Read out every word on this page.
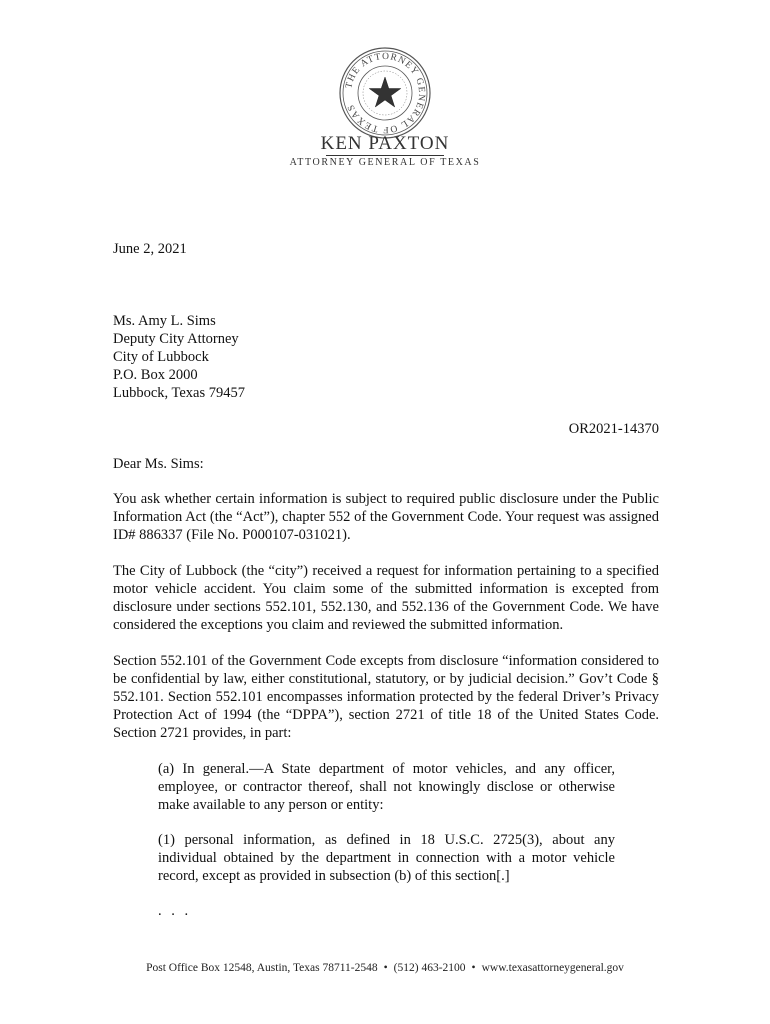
THE ATTORNEY GENERAL OF TEXAS
KEN PAXTON
ATTORNEY GENERAL OF TEXAS
June 2, 2021
Ms. Amy L. Sims
Deputy City Attorney
City of Lubbock
P.O. Box 2000
Lubbock, Texas 79457
OR2021-14370
Dear Ms. Sims:
You ask whether certain information is subject to required public disclosure under the Public Information Act (the “Act”), chapter 552 of the Government Code. Your request was assigned ID# 886337 (File No. P000107-031021).
The City of Lubbock (the “city”) received a request for information pertaining to a specified motor vehicle accident. You claim some of the submitted information is excepted from disclosure under sections 552.101, 552.130, and 552.136 of the Government Code. We have considered the exceptions you claim and reviewed the submitted information.
Section 552.101 of the Government Code excepts from disclosure “information considered to be confidential by law, either constitutional, statutory, or by judicial decision.” Gov’t Code § 552.101. Section 552.101 encompasses information protected by the federal Driver’s Privacy Protection Act of 1994 (the “DPPA”), section 2721 of title 18 of the United States Code. Section 2721 provides, in part:
(a) In general.—A State department of motor vehicles, and any officer, employee, or contractor thereof, shall not knowingly disclose or otherwise make available to any person or entity:
(1) personal information, as defined in 18 U.S.C. 2725(3), about any individual obtained by the department in connection with a motor vehicle record, except as provided in subsection (b) of this section[.]
. . .
Post Office Box 12548, Austin, Texas 78711-2548 • (512) 463-2100 • www.texasattorneygeneral.gov
